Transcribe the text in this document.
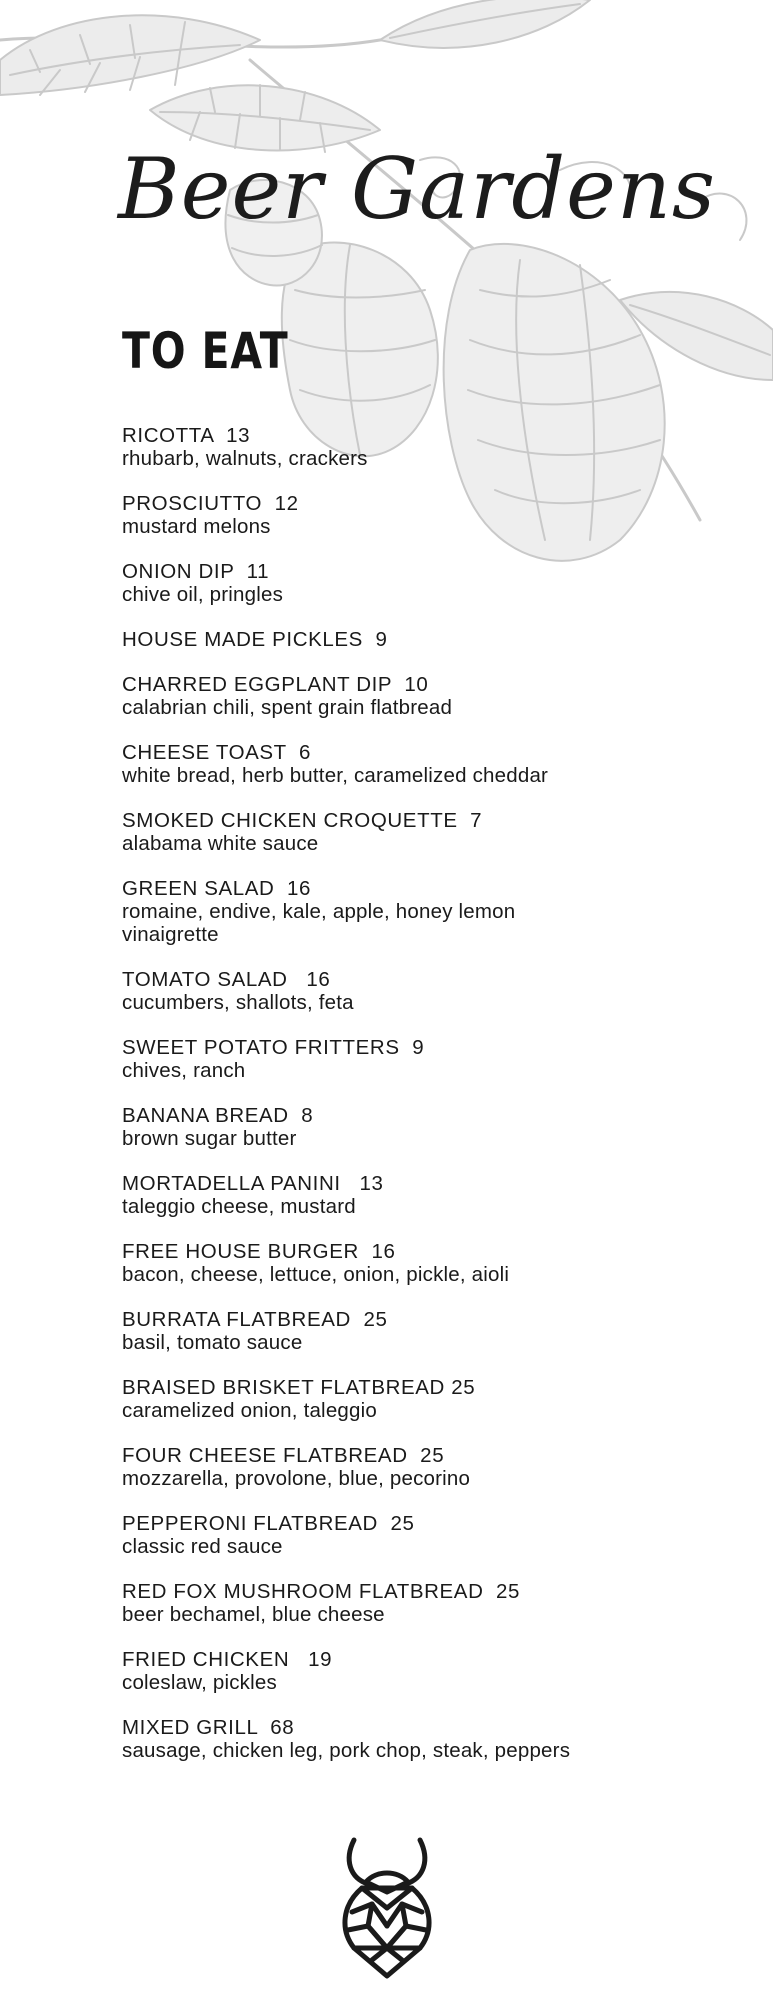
Beer Gardens
TO EAT
RICOTTA  13
rhubarb, walnuts, crackers
PROSCIUTTO  12
mustard melons
ONION DIP  11
chive oil, pringles
HOUSE MADE PICKLES  9
CHARRED EGGPLANT DIP  10
calabrian chili, spent grain flatbread
CHEESE TOAST  6
white bread, herb butter, caramelized cheddar
SMOKED CHICKEN CROQUETTE  7
alabama white sauce
GREEN SALAD  16
romaine, endive, kale, apple, honey lemon vinaigrette
TOMATO SALAD   16
cucumbers, shallots, feta
SWEET POTATO FRITTERS  9
chives, ranch
BANANA BREAD  8
brown sugar butter
MORTADELLA PANINI   13
taleggio cheese, mustard
FREE HOUSE BURGER  16
bacon, cheese, lettuce, onion, pickle, aioli
BURRATA FLATBREAD  25
basil, tomato sauce
BRAISED BRISKET FLATBREAD 25
caramelized onion, taleggio
FOUR CHEESE FLATBREAD  25
mozzarella, provolone, blue, pecorino
PEPPERONI FLATBREAD  25
classic red sauce
RED FOX MUSHROOM FLATBREAD  25
beer bechamel, blue cheese
FRIED CHICKEN   19
coleslaw, pickles
MIXED GRILL  68
sausage, chicken leg, pork chop, steak, peppers
